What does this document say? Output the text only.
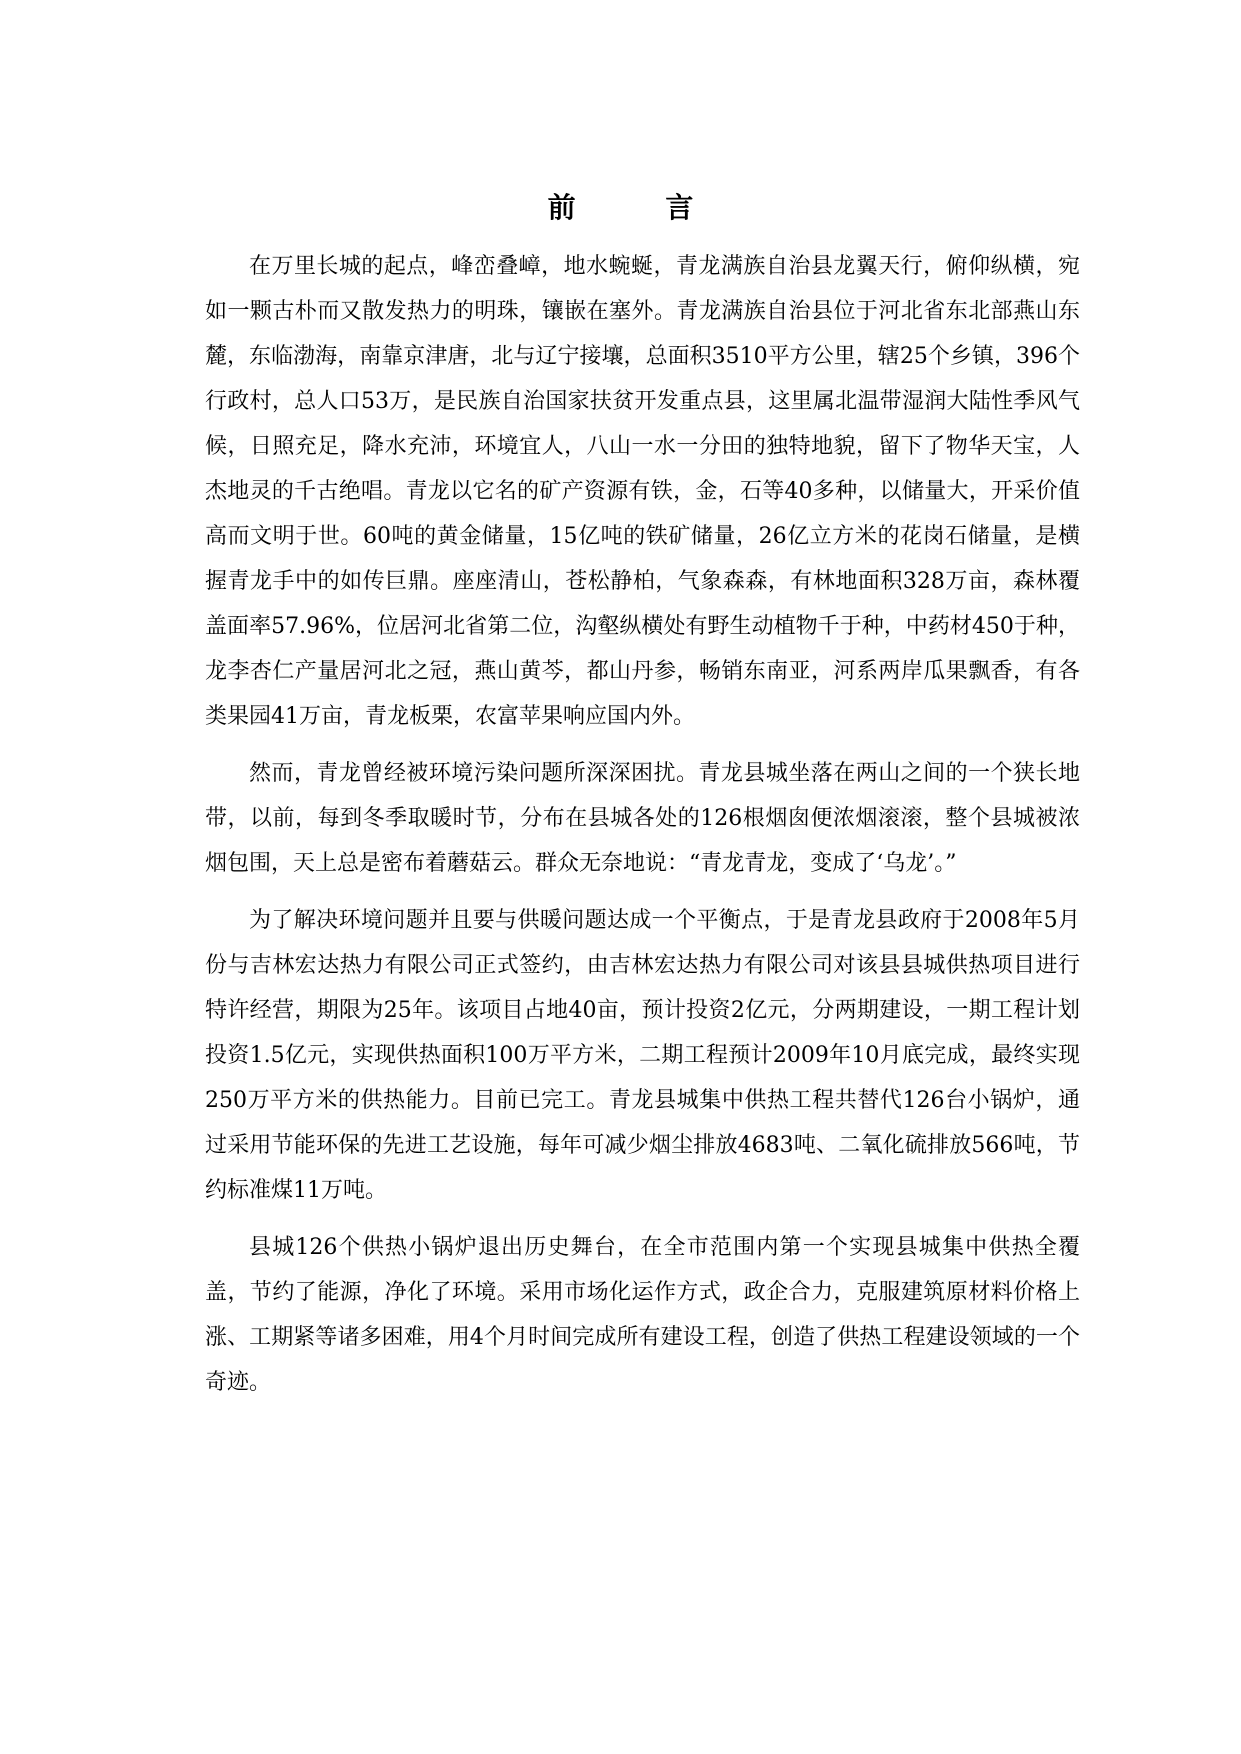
前 言

在万里长城的起点，峰峦叠嶂，地水蜿蜒，青龙满族自治县龙翼天行，俯仰纵横，宛如一颗古朴而又散发热力的明珠，镶嵌在塞外。青龙满族自治县位于河北省东北部燕山东麓，东临渤海，南靠京津唐，北与辽宁接壤，总面积3510平方公里，辖25个乡镇，396个行政村，总人口53万，是民族自治国家扶贫开发重点县，这里属北温带湿润大陆性季风气候，日照充足，降水充沛，环境宜人，八山一水一分田的独特地貌，留下了物华天宝，人杰地灵的千古绝唱。青龙以它名的矿产资源有铁，金，石等40多种，以储量大，开采价值高而文明于世。60吨的黄金储量，15亿吨的铁矿储量，26亿立方米的花岗石储量，是横握青龙手中的如传巨鼎。座座清山，苍松静柏，气象森森，有林地面积328万亩，森林覆盖面率57.96%，位居河北省第二位，沟壑纵横处有野生动植物千于种，中药材450于种，龙李杏仁产量居河北之冠，燕山黄芩，都山丹参，畅销东南亚，河系两岸瓜果飘香，有各类果园41万亩，青龙板栗，农富苹果响应国内外。

然而，青龙曾经被环境污染问题所深深困扰。青龙县城坐落在两山之间的一个狭长地带，以前，每到冬季取暖时节，分布在县城各处的126根烟囱便浓烟滚滚，整个县城被浓烟包围，天上总是密布着蘑菇云。群众无奈地说：“青龙青龙，变成了‘乌龙’。”

为了解决环境问题并且要与供暖问题达成一个平衡点，于是青龙县政府于2008年5月份与吉林宏达热力有限公司正式签约，由吉林宏达热力有限公司对该县县城供热项目进行特许经营，期限为25年。该项目占地40亩，预计投资2亿元，分两期建设，一期工程计划投资1.5亿元，实现供热面积100万平方米，二期工程预计2009年10月底完成，最终实现250万平方米的供热能力。目前已完工。青龙县城集中供热工程共替代126台小锅炉，通过采用节能环保的先进工艺设施，每年可减少烟尘排放4683吨、二氧化硫排放566吨，节约标准煤11万吨。

县城126个供热小锅炉退出历史舞台，在全市范围内第一个实现县城集中供热全覆盖，节约了能源，净化了环境。采用市场化运作方式，政企合力，克服建筑原材料价格上涨、工期紧等诸多困难，用4个月时间完成所有建设工程，创造了供热工程建设领域的一个奇迹。
